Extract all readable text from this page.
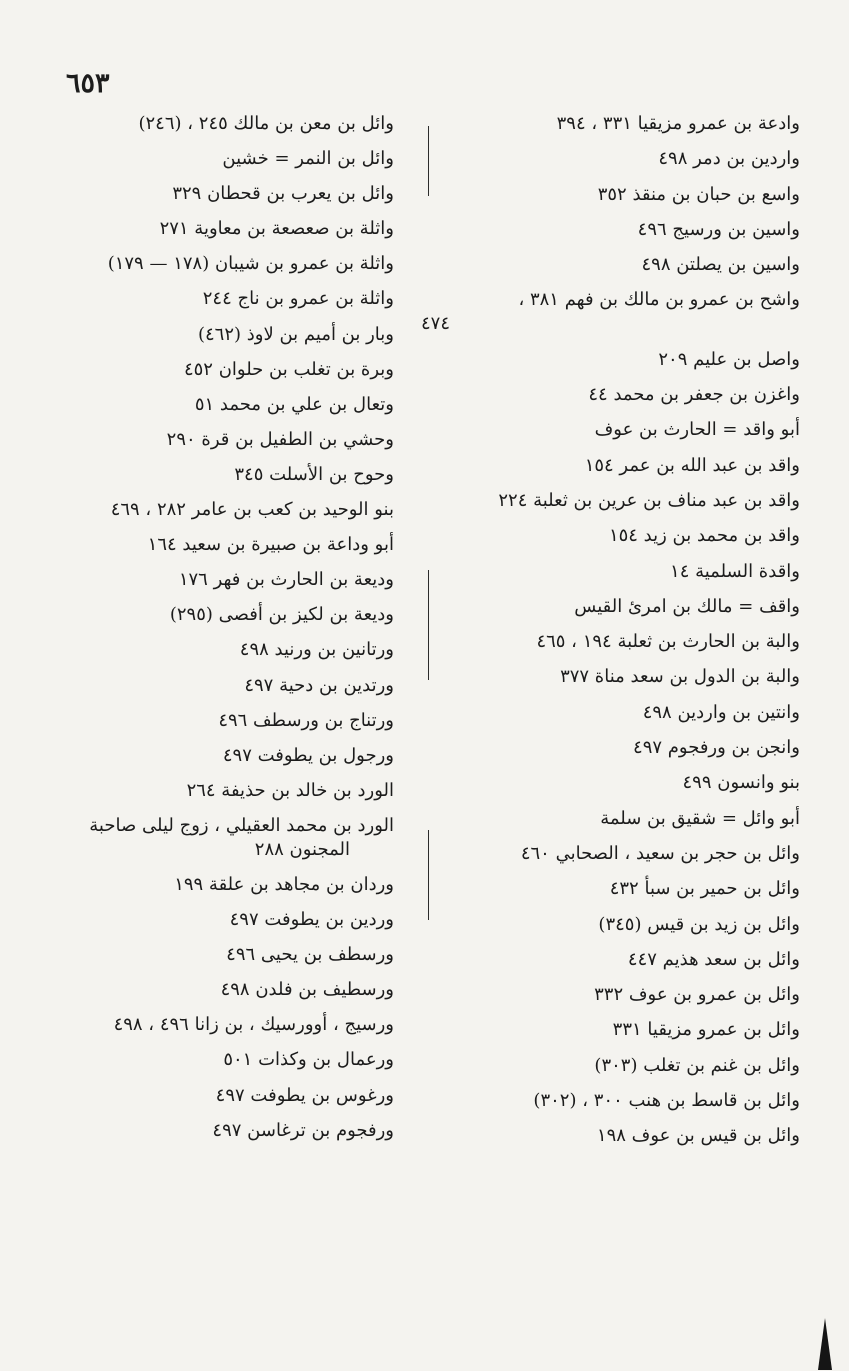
٦٥٣
وادعة بن عمرو مزيقيا ٣٣١ ، ٣٩٤
واردين بن دمر ٤٩٨
واسع بن حبان بن منقذ ٣٥٢
واسين بن ورسيج ٤٩٦
واسين بن يصلتن ٤٩٨
واشح بن عمرو بن مالك بن فهم ٣٨١ ،
٤٧٤
واصل بن عليم ٢٠٩
واغزن بن جعفر بن محمد ٤٤
أبو واقد = الحارث بن عوف
واقد بن عبد الله بن عمر ١٥٤
واقد بن عبد مناف بن عرين بن ثعلبة ٢٢٤
واقد بن محمد بن زيد ١٥٤
واقدة السلمية ١٤
واقف = مالك بن امرئ القيس
والبة بن الحارث بن ثعلبة ١٩٤ ، ٤٦٥
والبة بن الدول بن سعد مناة ٣٧٧
وانتين بن واردين ٤٩٨
وانجن بن ورفجوم ٤٩٧
بنو وانسون ٤٩٩
أبو وائل = شقيق بن سلمة
وائل بن حجر بن سعيد ، الصحابي ٤٦٠
وائل بن حمير بن سبأ ٤٣٢
وائل بن زيد بن قيس (٣٤٥)
وائل بن سعد هذيم ٤٤٧
وائل بن عمرو بن عوف ٣٣٢
وائل بن عمرو مزيقيا ٣٣١
وائل بن غنم بن تغلب (٣٠٣)
وائل بن قاسط بن هنب ٣٠٠ ، (٣٠٢)
وائل بن قيس بن عوف ١٩٨
وائل بن معن بن مالك ٢٤٥ ، (٢٤٦)
وائل بن النمر = خشين
وائل بن يعرب بن قحطان ٣٢٩
واثلة بن صعصعة بن معاوية ٢٧١
واثلة بن عمرو بن شيبان (١٧٨ — ١٧٩)
واثلة بن عمرو بن ناج ٢٤٤
وبار بن أميم بن لاوذ (٤٦٢)
وبرة بن تغلب بن حلوان ٤٥٢
وتعال بن علي بن محمد ٥١
وحشي بن الطفيل بن قرة ٢٩٠
وحوح بن الأسلت ٣٤٥
بنو الوحيد بن كعب بن عامر ٢٨٢ ، ٤٦٩
أبو وداعة بن صبيرة بن سعيد ١٦٤
وديعة بن الحارث بن فهر ١٧٦
وديعة بن لكيز بن أفصى (٢٩٥)
ورتانين بن ورنيد ٤٩٨
ورتدين بن دحية ٤٩٧
ورتناج بن ورسطف ٤٩٦
ورجول بن يطوفت ٤٩٧
الورد بن خالد بن حذيفة ٢٦٤
الورد بن محمد العقيلي ، زوج ليلى صاحبة
المجنون ٢٨٨
وردان بن مجاهد بن علقة ١٩٩
وردين بن يطوفت ٤٩٧
ورسطف بن يحيى ٤٩٦
ورسطيف بن فلدن ٤٩٨
ورسيج ، أوورسيك ، بن زانا ٤٩٦ ، ٤٩٨
ورعمال بن وكذات ٥٠١
ورغوس بن يطوفت ٤٩٧
ورفجوم بن ترغاسن ٤٩٧
